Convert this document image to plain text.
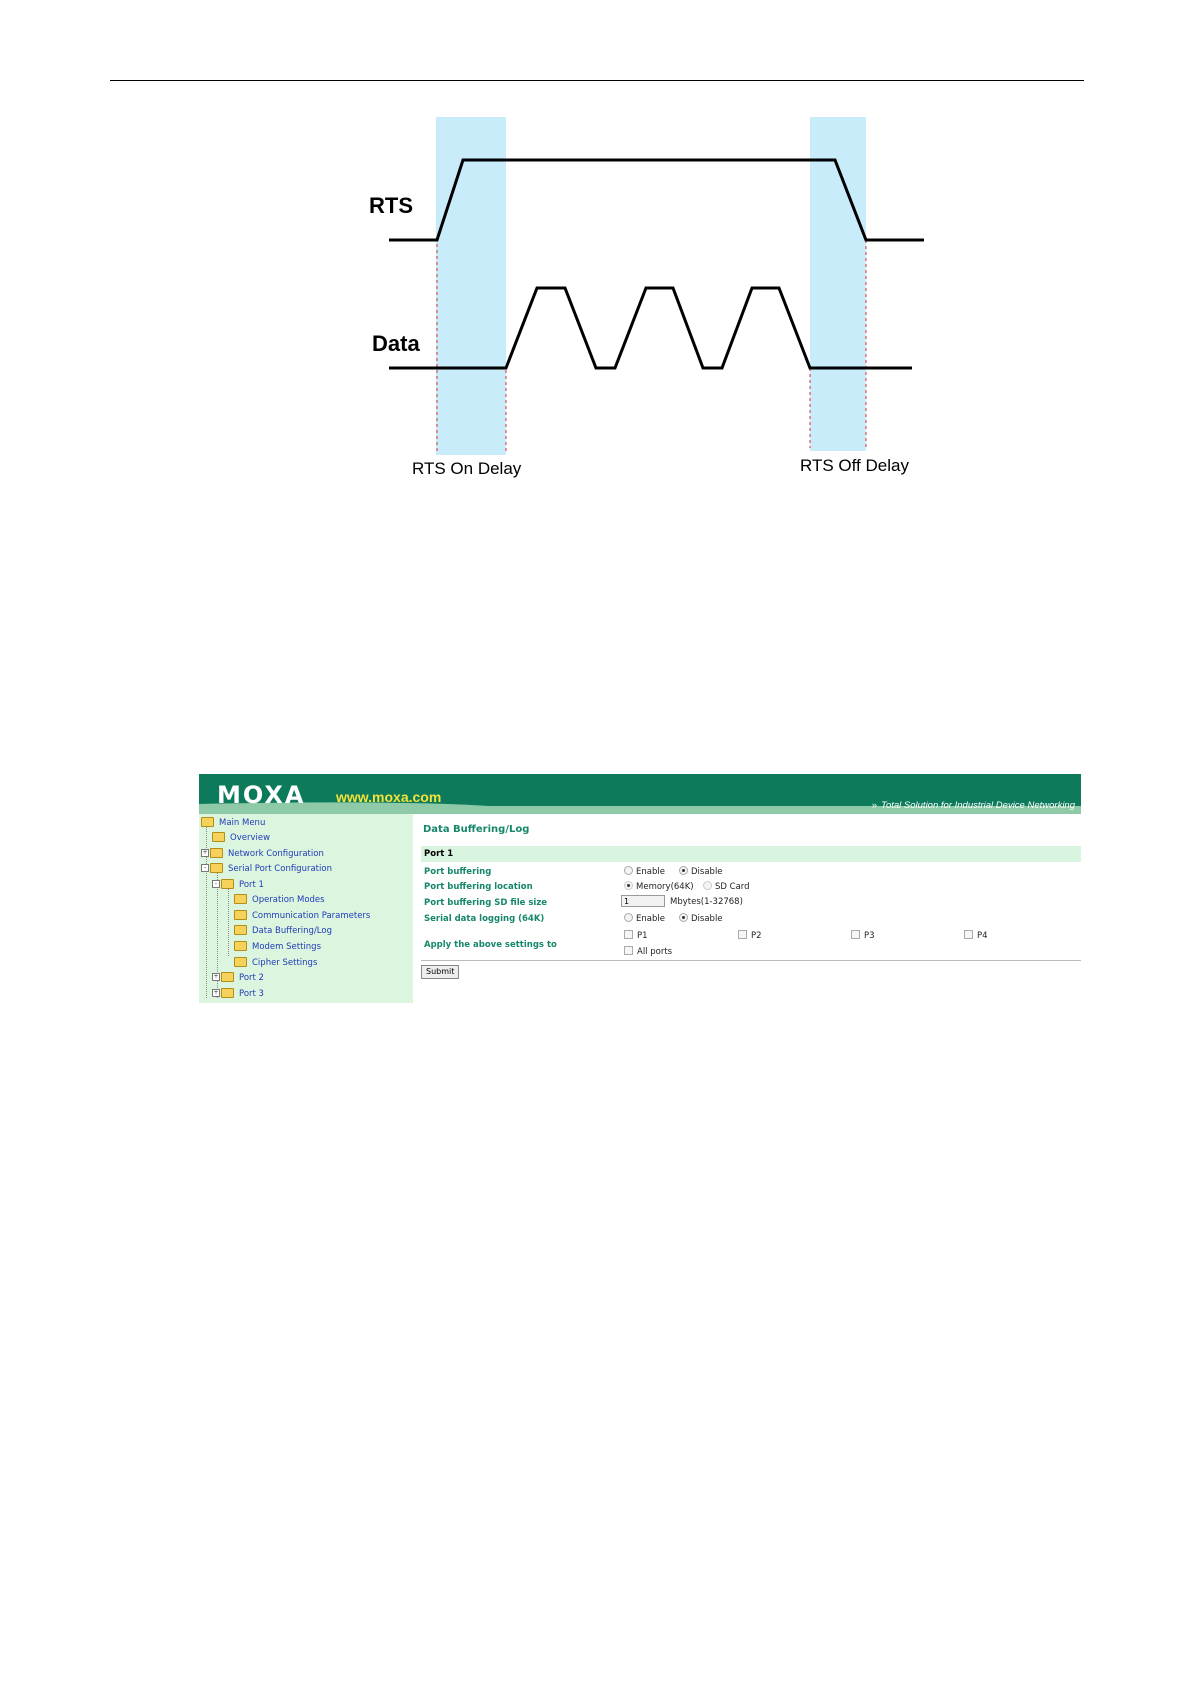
RTS
Data
RTS On Delay	RTS Off Delay
MOXA www.moxa.com
» Total Solution for Industrial Device Networking
Main Menu
Overview
+ Network Configuration
-	Serial Port Configuration
-	Port 1
Operation Modes
Communication Parameters
Data Buffering/Log
Modem Settings
Cipher Settings
+ Port 2
+ Port 3
Data Buffering/Log
Port 1
Port buffering	Enable	Disable
Port buffering location	Memory(64K)	SD Card
Port buffering SD file size	1	Mbytes(1-32768)
Serial data logging (64K)	Enable	Disable
Apply the above settings to
P1	P2	P3	P4
All ports
Submit
